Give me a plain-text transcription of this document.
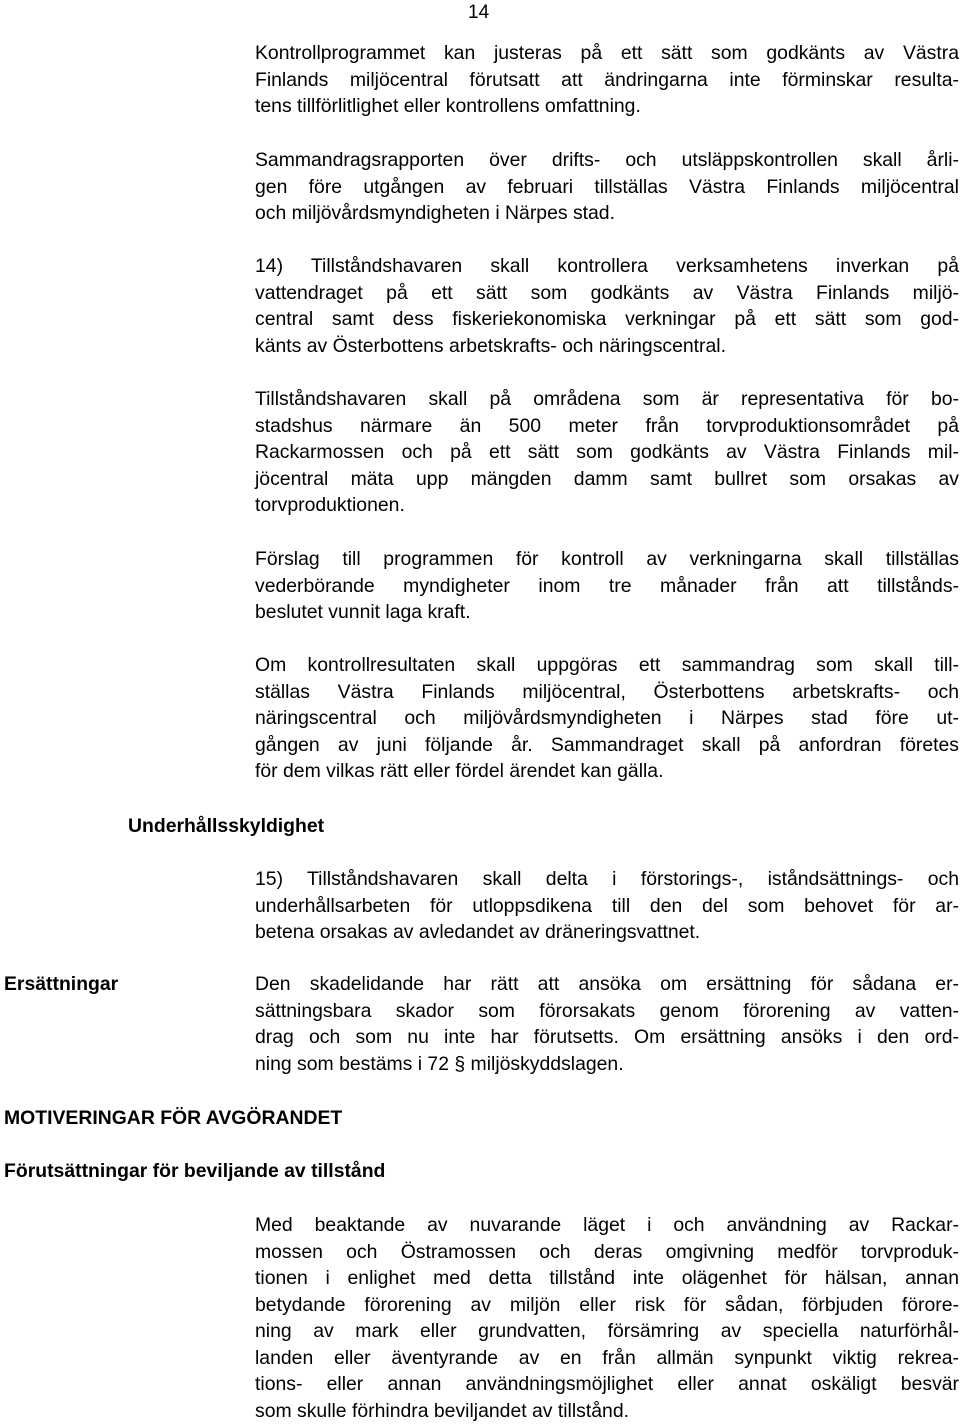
14

Kontrollprogrammet kan justeras på ett sätt som godkänts av Västra
Finlands miljöcentral förutsatt att ändringarna inte förminskar resulta-
tens tillförlitlighet eller kontrollens omfattning.

Sammandragsrapporten över drifts- och utsläppskontrollen skall årli-
gen före utgången av februari tillställas Västra Finlands miljöcentral
och miljövårdsmyndigheten i Närpes stad.

14) Tillståndshavaren skall kontrollera verksamhetens inverkan på
vattendraget på ett sätt som godkänts av Västra Finlands miljö-
central samt dess fiskeriekonomiska verkningar på ett sätt som god-
känts av Österbottens arbetskrafts- och näringscentral.

Tillståndshavaren skall på områdena som är representativa för bo-
stadshus närmare än 500 meter från torvproduktionsområdet på
Rackarmossen och på ett sätt som godkänts av Västra Finlands mil-
jöcentral mäta upp mängden damm samt bullret som orsakas av
torvproduktionen.

Förslag till programmen för kontroll av verkningarna skall tillställas
vederbörande myndigheter inom tre månader från att tillstånds-
beslutet vunnit laga kraft.

Om kontrollresultaten skall uppgöras ett sammandrag som skall till-
ställas Västra Finlands miljöcentral, Österbottens arbetskrafts- och
näringscentral och miljövårdsmyndigheten i Närpes stad före ut-
gången av juni följande år. Sammandraget skall på anfordran företes
för dem vilkas rätt eller fördel ärendet kan gälla.

Underhållsskyldighet

15) Tillståndshavaren skall delta i förstorings-, iståndsättnings- och
underhållsarbeten för utloppsdikena till den del som behovet för ar-
betena orsakas av avledandet av dräneringsvattnet.

Ersättningar	Den skadelidande har rätt att ansöka om ersättning för sådana er-
sättningsbara skador som förorsakats genom förorening av vatten-
drag och som nu inte har förutsetts. Om ersättning ansöks i den ord-
ning som bestäms i 72 § miljöskyddslagen.

MOTIVERINGAR FÖR AVGÖRANDET
Förutsättningar för beviljande av tillstånd

Med beaktande av nuvarande läget i och användning av Rackar-
mossen och Östramossen och deras omgivning medför torvproduk-
tionen i enlighet med detta tillstånd inte olägenhet för hälsan, annan
betydande förorening av miljön eller risk för sådan, förbjuden förore-
ning av mark eller grundvatten, försämring av speciella naturförhål-
landen eller äventyrande av en från allmän synpunkt viktig rekrea-
tions- eller annan användningsmöjlighet eller annat oskäligt besvär
som skulle förhindra beviljandet av tillstånd.
